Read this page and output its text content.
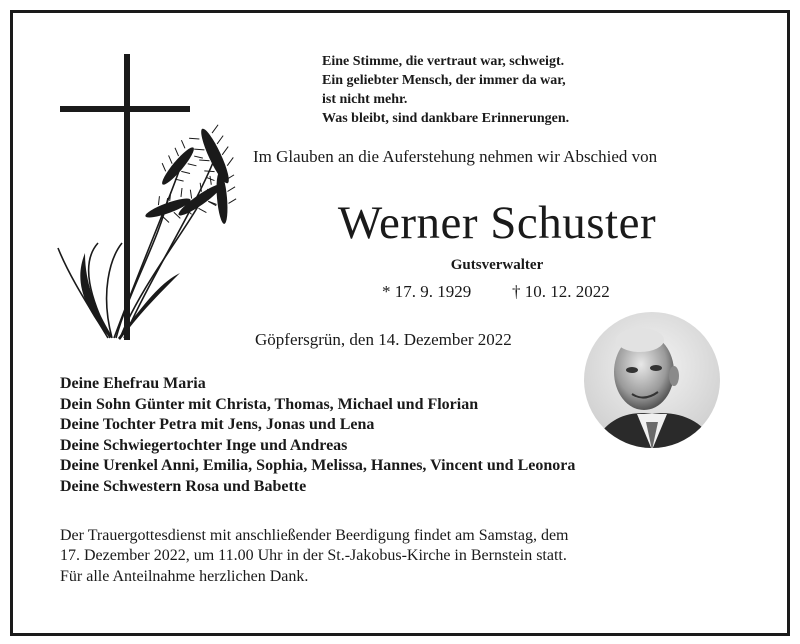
Eine Stimme, die vertraut war, schweigt.
Ein geliebter Mensch, der immer da war,
ist nicht mehr.
Was bleibt, sind dankbare Erinnerungen.
Im Glauben an die Auferstehung nehmen wir Abschied von
Werner Schuster
Gutsverwalter
* 17. 9. 1929 † 10. 12. 2022
Göpfersgrün, den 14. Dezember 2022
Deine Ehefrau Maria
Dein Sohn Günter mit Christa, Thomas, Michael und Florian
Deine Tochter Petra mit Jens, Jonas und Lena
Deine Schwiegertochter Inge und Andreas
Deine Urenkel Anni, Emilia, Sophia, Melissa, Hannes, Vincent und Leonora
Deine Schwestern Rosa und Babette
Der Trauergottesdienst mit anschließender Beerdigung findet am Samstag, dem
17. Dezember 2022, um 11.00 Uhr in der St.-Jakobus-Kirche in Bernstein statt.
Für alle Anteilnahme herzlichen Dank.
